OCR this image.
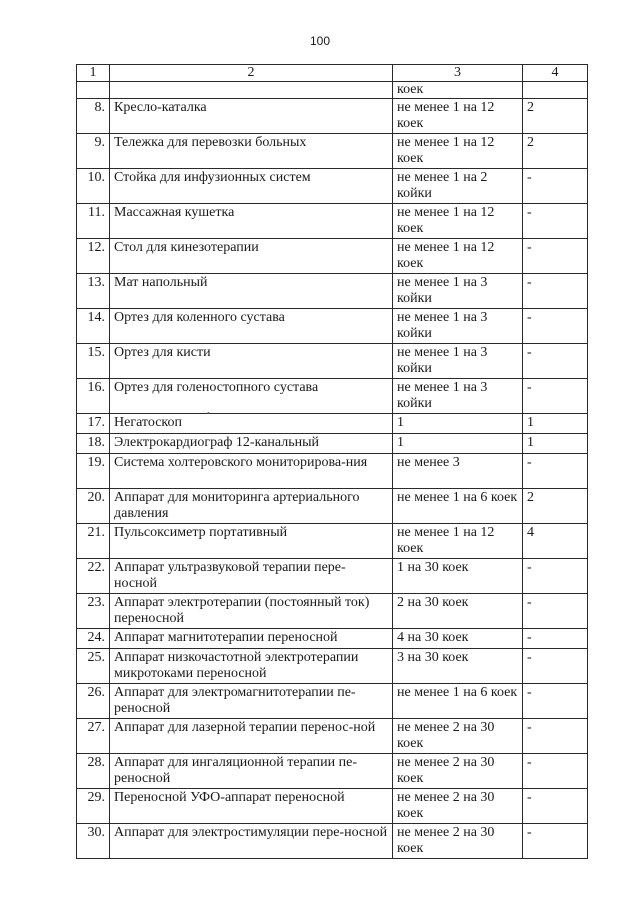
100
1	2	3	4
		коек	
8.	Кресло-каталка	не менее 1 на 12 коек	2
9.	Тележка для перевозки больных	не менее 1 на 12 коек	2
10.	Стойка для инфузионных систем	не менее 1 на 2 койки	-
11.	Массажная кушетка	не менее 1 на 12 коек	-
12.	Стол для кинезотерапии	не менее 1 на 12 коек	-
13.	Мат напольный	не менее 1 на 3 койки	-
14.	Ортез для коленного сустава	не менее 1 на 3 койки	-
15.	Ортез для кисти	не менее 1 на 3 койки	-
16.	Ортез для голеностопного сустава	не менее 1 на 3 койки	-
17.	Негатоскоп	1	1
18.	Электрокардиограф 12-канальный	1	1
19.	Система холтеровского мониторирова-ния	не менее 3	-
20.	Аппарат для мониторинга артериального давления	не менее 1 на 6 коек	2
21.	Пульсоксиметр портативный	не менее 1 на 12 коек	4
22.	Аппарат ультразвуковой терапии пере-носной	1 на 30 коек	-
23.	Аппарат электротерапии (постоянный ток) переносной	2 на 30 коек	-
24.	Аппарат магнитотерапии переносной	4 на 30 коек	-
25.	Аппарат низкочастотной электротерапии микротоками переносной	3 на 30 коек	-
26.	Аппарат для электромагнитотерапии пе-реносной	не менее 1 на 6 коек	-
27.	Аппарат для лазерной терапии перенос-ной	не менее 2 на 30 коек	-
28.	Аппарат для ингаляционной терапии пе-реносной	не менее 2 на 30 коек	-
29.	Переносной УФО-аппарат переносной	не менее 2 на 30 коек	-
30.	Аппарат для электростимуляции пере-носной	не менее 2 на 30 коек	-
•
